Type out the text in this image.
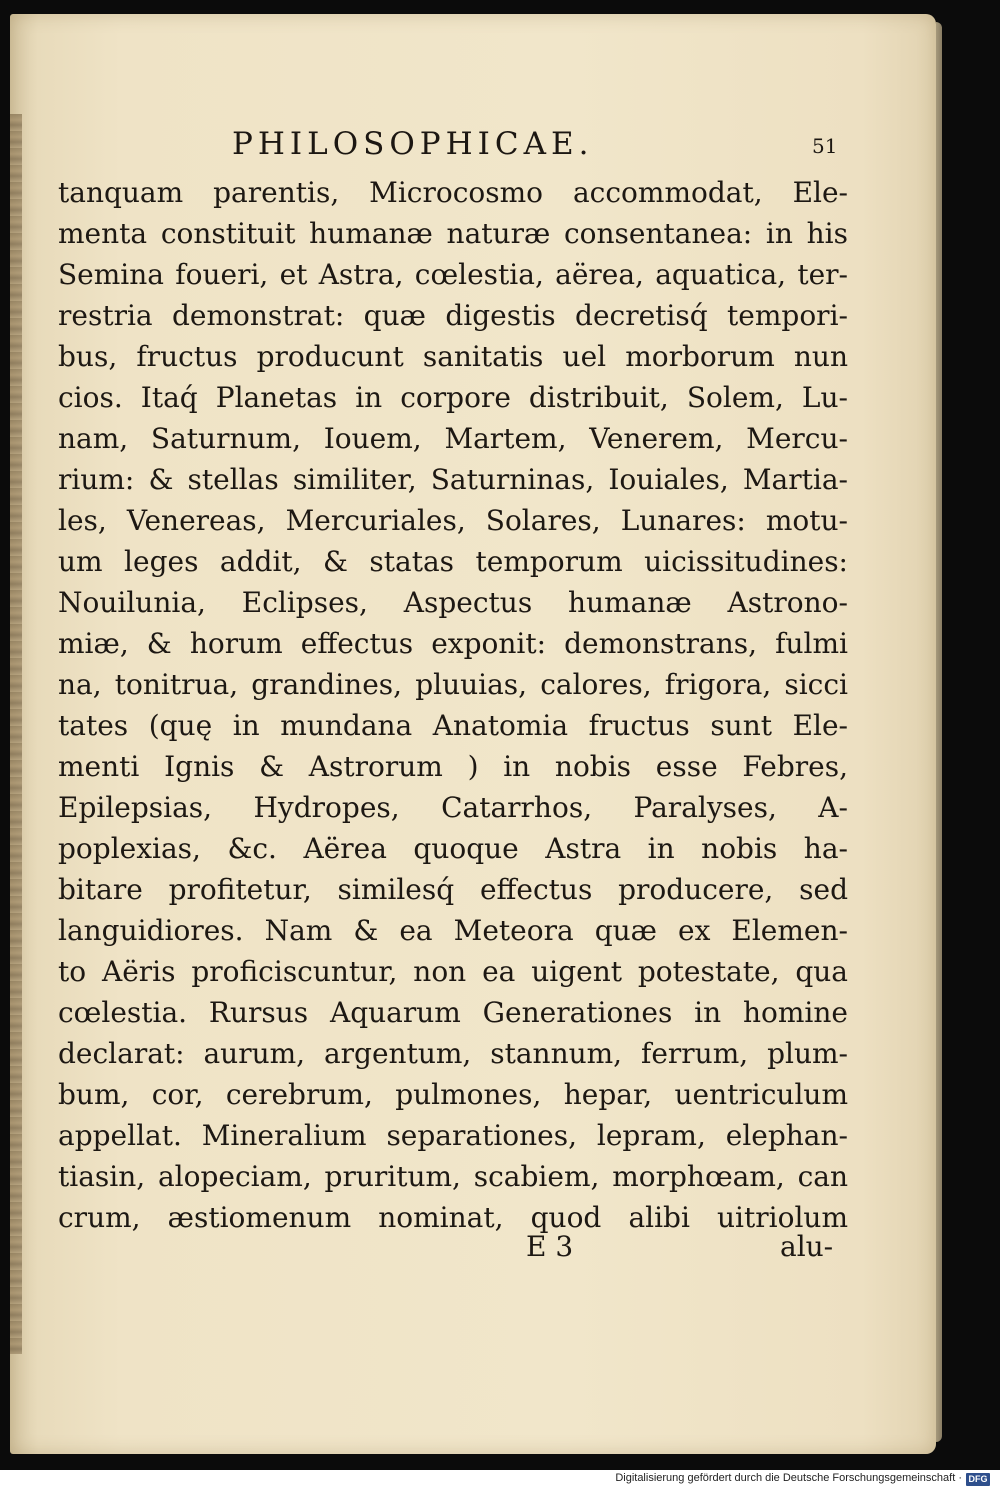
PHILOSOPHICAE.	51
tanquam parentis, Microcosmo accommodat, Ele-
menta constituit humanæ naturæ consentanea: in his
Semina foueri, et Astra, cœlestia, aërea, aquatica, ter-
restria demonstrat: quæ digestis decretisq́ tempori-
bus, fructus producunt sanitatis uel morborum nun
cios. Itaq́ Planetas in corpore distribuit, Solem, Lu-
nam, Saturnum, Iouem, Martem, Venerem, Mercu-
rium: & stellas similiter, Saturninas, Iouiales, Martia-
les, Venereas, Mercuriales, Solares, Lunares: motu-
um leges addit, & statas temporum uicissitudines:
Nouilunia, Eclipses, Aspectus humanæ Astrono-
miæ, & horum effectus exponit: demonstrans, fulmi
na, tonitrua, grandines, pluuias, calores, frigora, sicci
tates (quę in mundana Anatomia fructus sunt Ele-
menti Ignis & Astrorum ) in nobis esse Febres,
Epilepsias, Hydropes, Catarrhos, Paralyses, A-
poplexias, &c. Aërea quoque Astra in nobis ha-
bitare profitetur, similesq́ effectus producere, sed
languidiores. Nam & ea Meteora quæ ex Elemen-
to Aëris proficiscuntur, non ea uigent potestate, qua
cœlestia. Rursus Aquarum Generationes in homine
declarat: aurum, argentum, stannum, ferrum, plum-
bum, cor, cerebrum, pulmones, hepar, uentriculum
appellat. Mineralium separationes, lepram, elephan-
tiasin, alopeciam, pruritum, scabiem, morphœam, can
crum, æstiomenum nominat, quod alibi uitriolum
E 3	alu-
Digitalisierung gefördert durch die Deutsche Forschungsgemeinschaft · DFG
